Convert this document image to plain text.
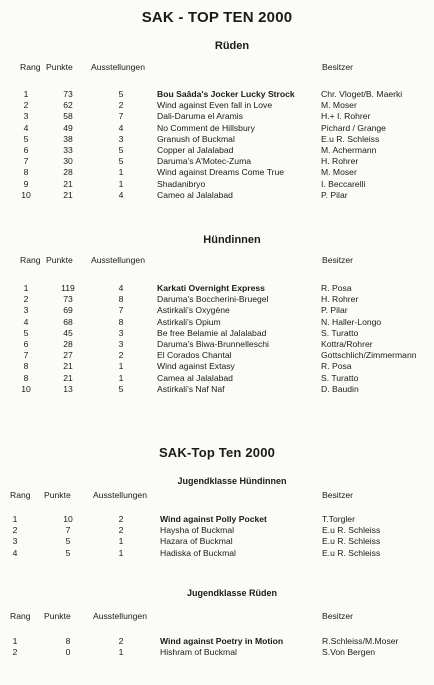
SAK - TOP TEN 2000
SAK-Top Ten 2000
Rüden
Rang Punkte	Ausstellungen	Besitzer
1	73	5	Bou Saâda's Jocker Lucky Strock	Chr. Vloget/B. Maerki
2	62	2	Wind against Even fall in Love	M. Moser
3	58	7	Dali-Daruma el Aramis	H.+ I. Rohrer
4	49	4	No Comment de Hillsbury	Pichard / Grange
5	38	3	Granush of Buckmal	E.u R. Schleiss
6	33	5	Copper al Jalalabad	M. Achermann
7	30	5	Daruma's A'Motec-Zuma	H. Rohrer
8	28	1	Wind against Dreams Come True	M. Moser
9	21	1	Shadanibryo	I. Beccarelli
10	21	4	Cameo al Jalalabad	P. Pilar
Hündinnen
Rang Punkte	Ausstellungen	Besitzer
1	119	4	Karkati Overnight Express	R. Posa
2	73	8	Daruma's Boccherini-Bruegel	H. Rohrer
3	69	7	Astirkali's Oxygène	P. Pilar
4	68	8	Astirkali's Opium	N. Haller-Longo
5	45	3	Be free Belamie al Jalalabad	S. Turatto
6	28	3	Daruma's Biwa-Brunnelleschi	Kottra/Rohrer
7	27	2	El Corados Chantal	Gottschlich/Zimmermann
8	21	1	Wind against Extasy	R. Posa
8	21	1	Camea al Jalalabad	S. Turatto
10	13	5	Astirkali's Naf Naf	D. Baudin
Jugendklasse Hündinnen
Rang	Punkte	Ausstellungen	Besitzer
1	10	2	Wind against Polly Pocket	T.Torgler
2	7	2	Haysha of Buckmal	E.u R. Schleiss
3	5	1	Hazara of Buckmal	E.u R. Schleiss
4	5	1	Hadiska of Buckmal	E.u R. Schleiss
Jugendklasse Rüden
Rang	Punkte	Ausstellungen	Besitzer
1	8	2	Wind against Poetry in Motion	R.Schleiss/M.Moser
2	0	1	Hishram of Buckmal	S.Von Bergen
